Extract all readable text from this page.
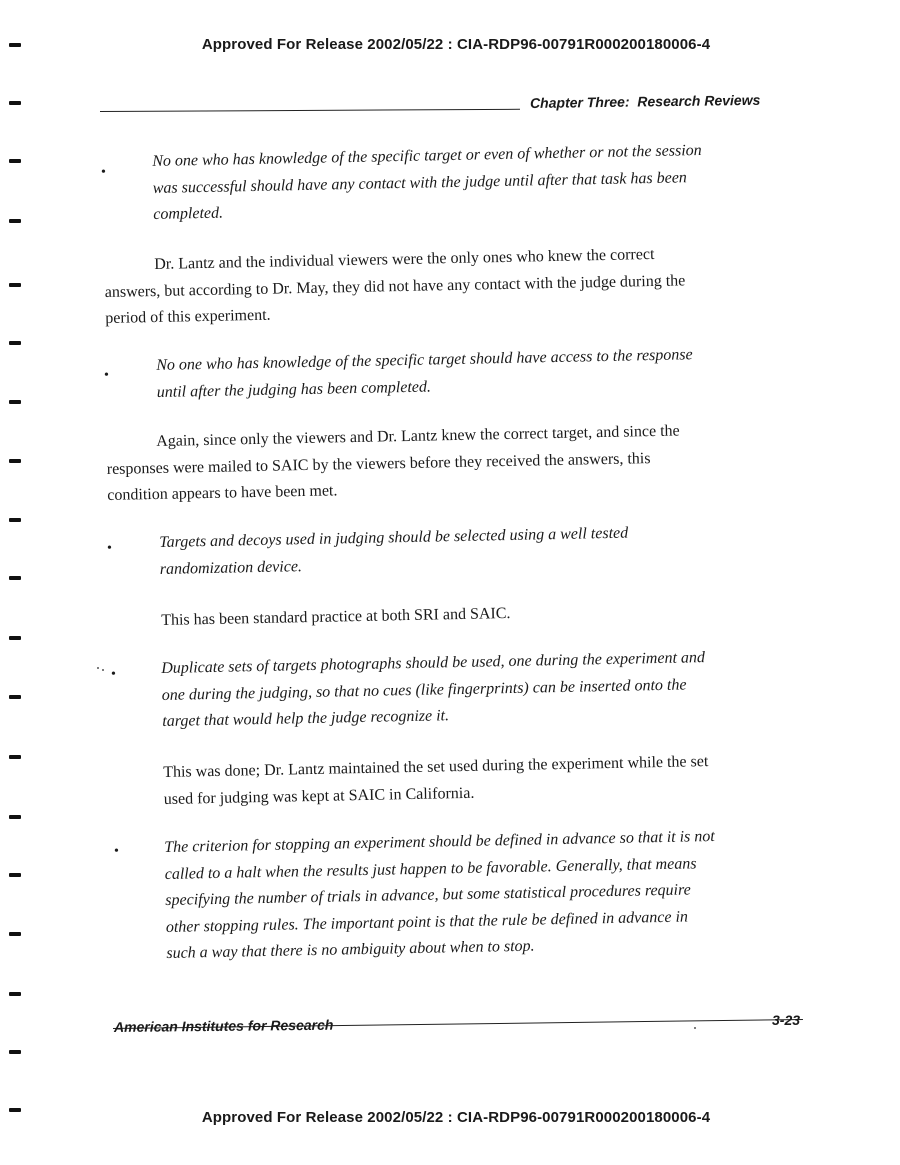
Approved For Release 2002/05/22 : CIA-RDP96-00791R000200180006-4
Approved For Release 2002/05/22 : CIA-RDP96-00791R000200180006-4
Chapter Three:  Research Reviews
•
No one who has knowledge of the specific target or even of whether or not the session
was successful should have any contact with the judge until after that task has been
completed.
Dr. Lantz and the individual viewers were the only ones who knew the correct
answers, but according to Dr. May, they did not have any contact with the judge during the
period of this experiment.
•
No one who has knowledge of the specific target should have access to the response
until after the judging has been completed.
Again, since only the viewers and Dr. Lantz knew the correct target, and since the
responses were mailed to SAIC by the viewers before they received the answers, this
condition appears to have been met.
•	Targets and decoys used in judging should be selected using a well tested
randomization device.
This has been standard practice at both SRI and SAIC.
•	Duplicate sets of targets photographs should be used, one during the experiment and
one during the judging, so that no cues (like fingerprints) can be inserted onto the
target that would help the judge recognize it.
This was done; Dr. Lantz maintained the set used during the experiment while the set
used for judging was kept at SAIC in California.
•	The criterion for stopping an experiment should be defined in advance so that it is not
called to a halt when the results just happen to be favorable. Generally, that means
specifying the number of trials in advance, but some statistical procedures require
other stopping rules. The important point is that the rule be defined in advance in
such a way that there is no ambiguity about when to stop.
American Institutes for Research	3-23
